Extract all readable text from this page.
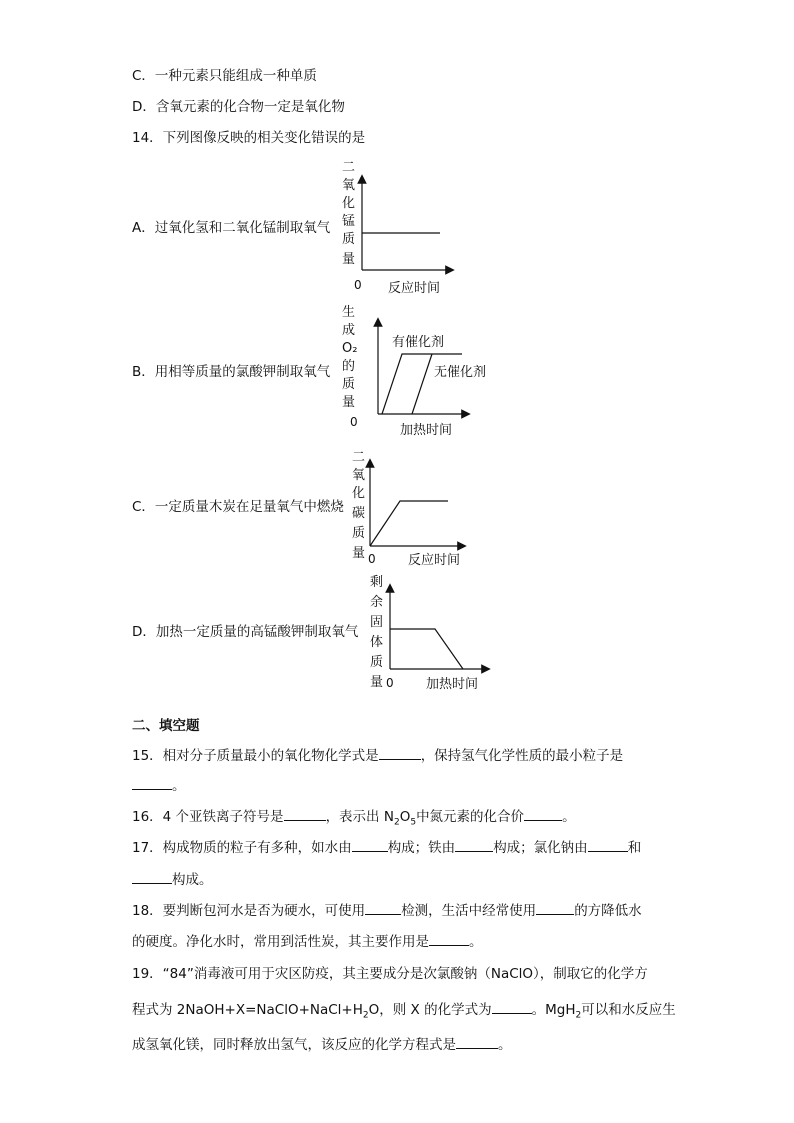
C．一种元素只能组成一种单质
D．含氧元素的化合物一定是氧化物
14．下列图像反映的相关变化错误的是
A．过氧化氢和二氧化锰制取氧气
二
氧
化
锰
质
量
0 反应时间
B．用相等质量的氯酸钾制取氧气
生
成
O₂
的
质
量
有催化剂
无催化剂
0
加热时间
C．一定质量木炭在足量氧气中燃烧
二
氧
化
碳
质
量 0 反应时间
D．加热一定质量的高锰酸钾制取氧气
剩
余
固
体
质
量 0 加热时间
二、填空题
15．相对分子质量最小的氧化物化学式是	，保持氢气化学性质的最小粒子是
。
16．4 个亚铁离子符号是	，表示出 $N_2O_5$中氮元素的化合价	。
17．构成物质的粒子有多种，如水由	构成；铁由	构成；氯化钠由	和
构成。
18．要判断包河水是否为硬水，可使用	检测，生活中经常使用	的方降低水
的硬度。净化水时，常用到活性炭，其主要作用是	。
19．“84”消毒液可用于灾区防疫，其主要成分是次氯酸钠（NaClO），制取它的化学方
程式为 $2NaOH+X=NaClO+NaCl+H_2O$，则 X 的化学式为	。MgH$_2$可以和水反应生
成氢氧化镁，同时释放出氢气，该反应的化学方程式是	。
